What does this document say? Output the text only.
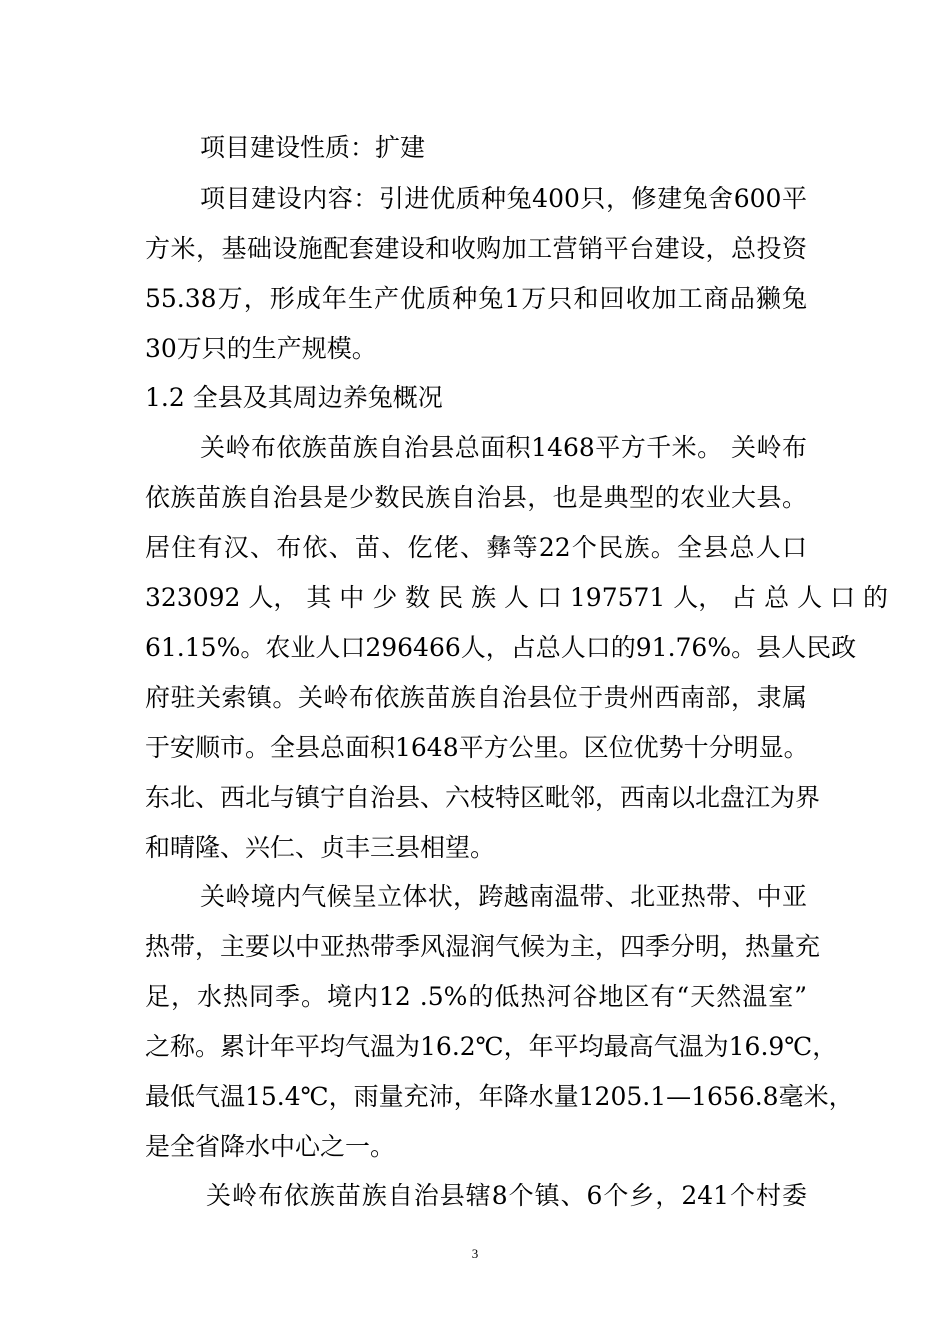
项目建设性质：扩建
项目建设内容：引进优质种兔400只，修建兔舍600平
方米，基础设施配套建设和收购加工营销平台建设，总投资
55.38万，形成年生产优质种兔1万只和回收加工商品獭兔
30万只的生产规模。
1.2 全县及其周边养兔概况
关岭布依族苗族自治县总面积1468平方千米。 关岭布
依族苗族自治县是少数民族自治县，也是典型的农业大县。
居住有汉、布依、苗、仡佬、彝等22个民族。全县总人口
323092 人， 其 中 少 数 民 族 人 口 197571 人， 占 总 人 口 的
61.15%。农业人口296466人，占总人口的91.76%。县人民政
府驻关索镇。关岭布依族苗族自治县位于贵州西南部，隶属
于安顺市。全县总面积1648平方公里。区位优势十分明显。
东北、西北与镇宁自治县、六枝特区毗邻，西南以北盘江为界
和晴隆、兴仁、贞丰三县相望。
关岭境内气候呈立体状，跨越南温带、北亚热带、中亚
热带，主要以中亚热带季风湿润气候为主，四季分明，热量充
足，水热同季。境内12 .5%的低热河谷地区有“天然温室”
之称。累计年平均气温为16.2℃，年平均最高气温为16.9℃，
最低气温15.4℃，雨量充沛，年降水量1205.1—1656.8毫米，
是全省降水中心之一。
关岭布依族苗族自治县辖8个镇、6个乡，241个村委
3
